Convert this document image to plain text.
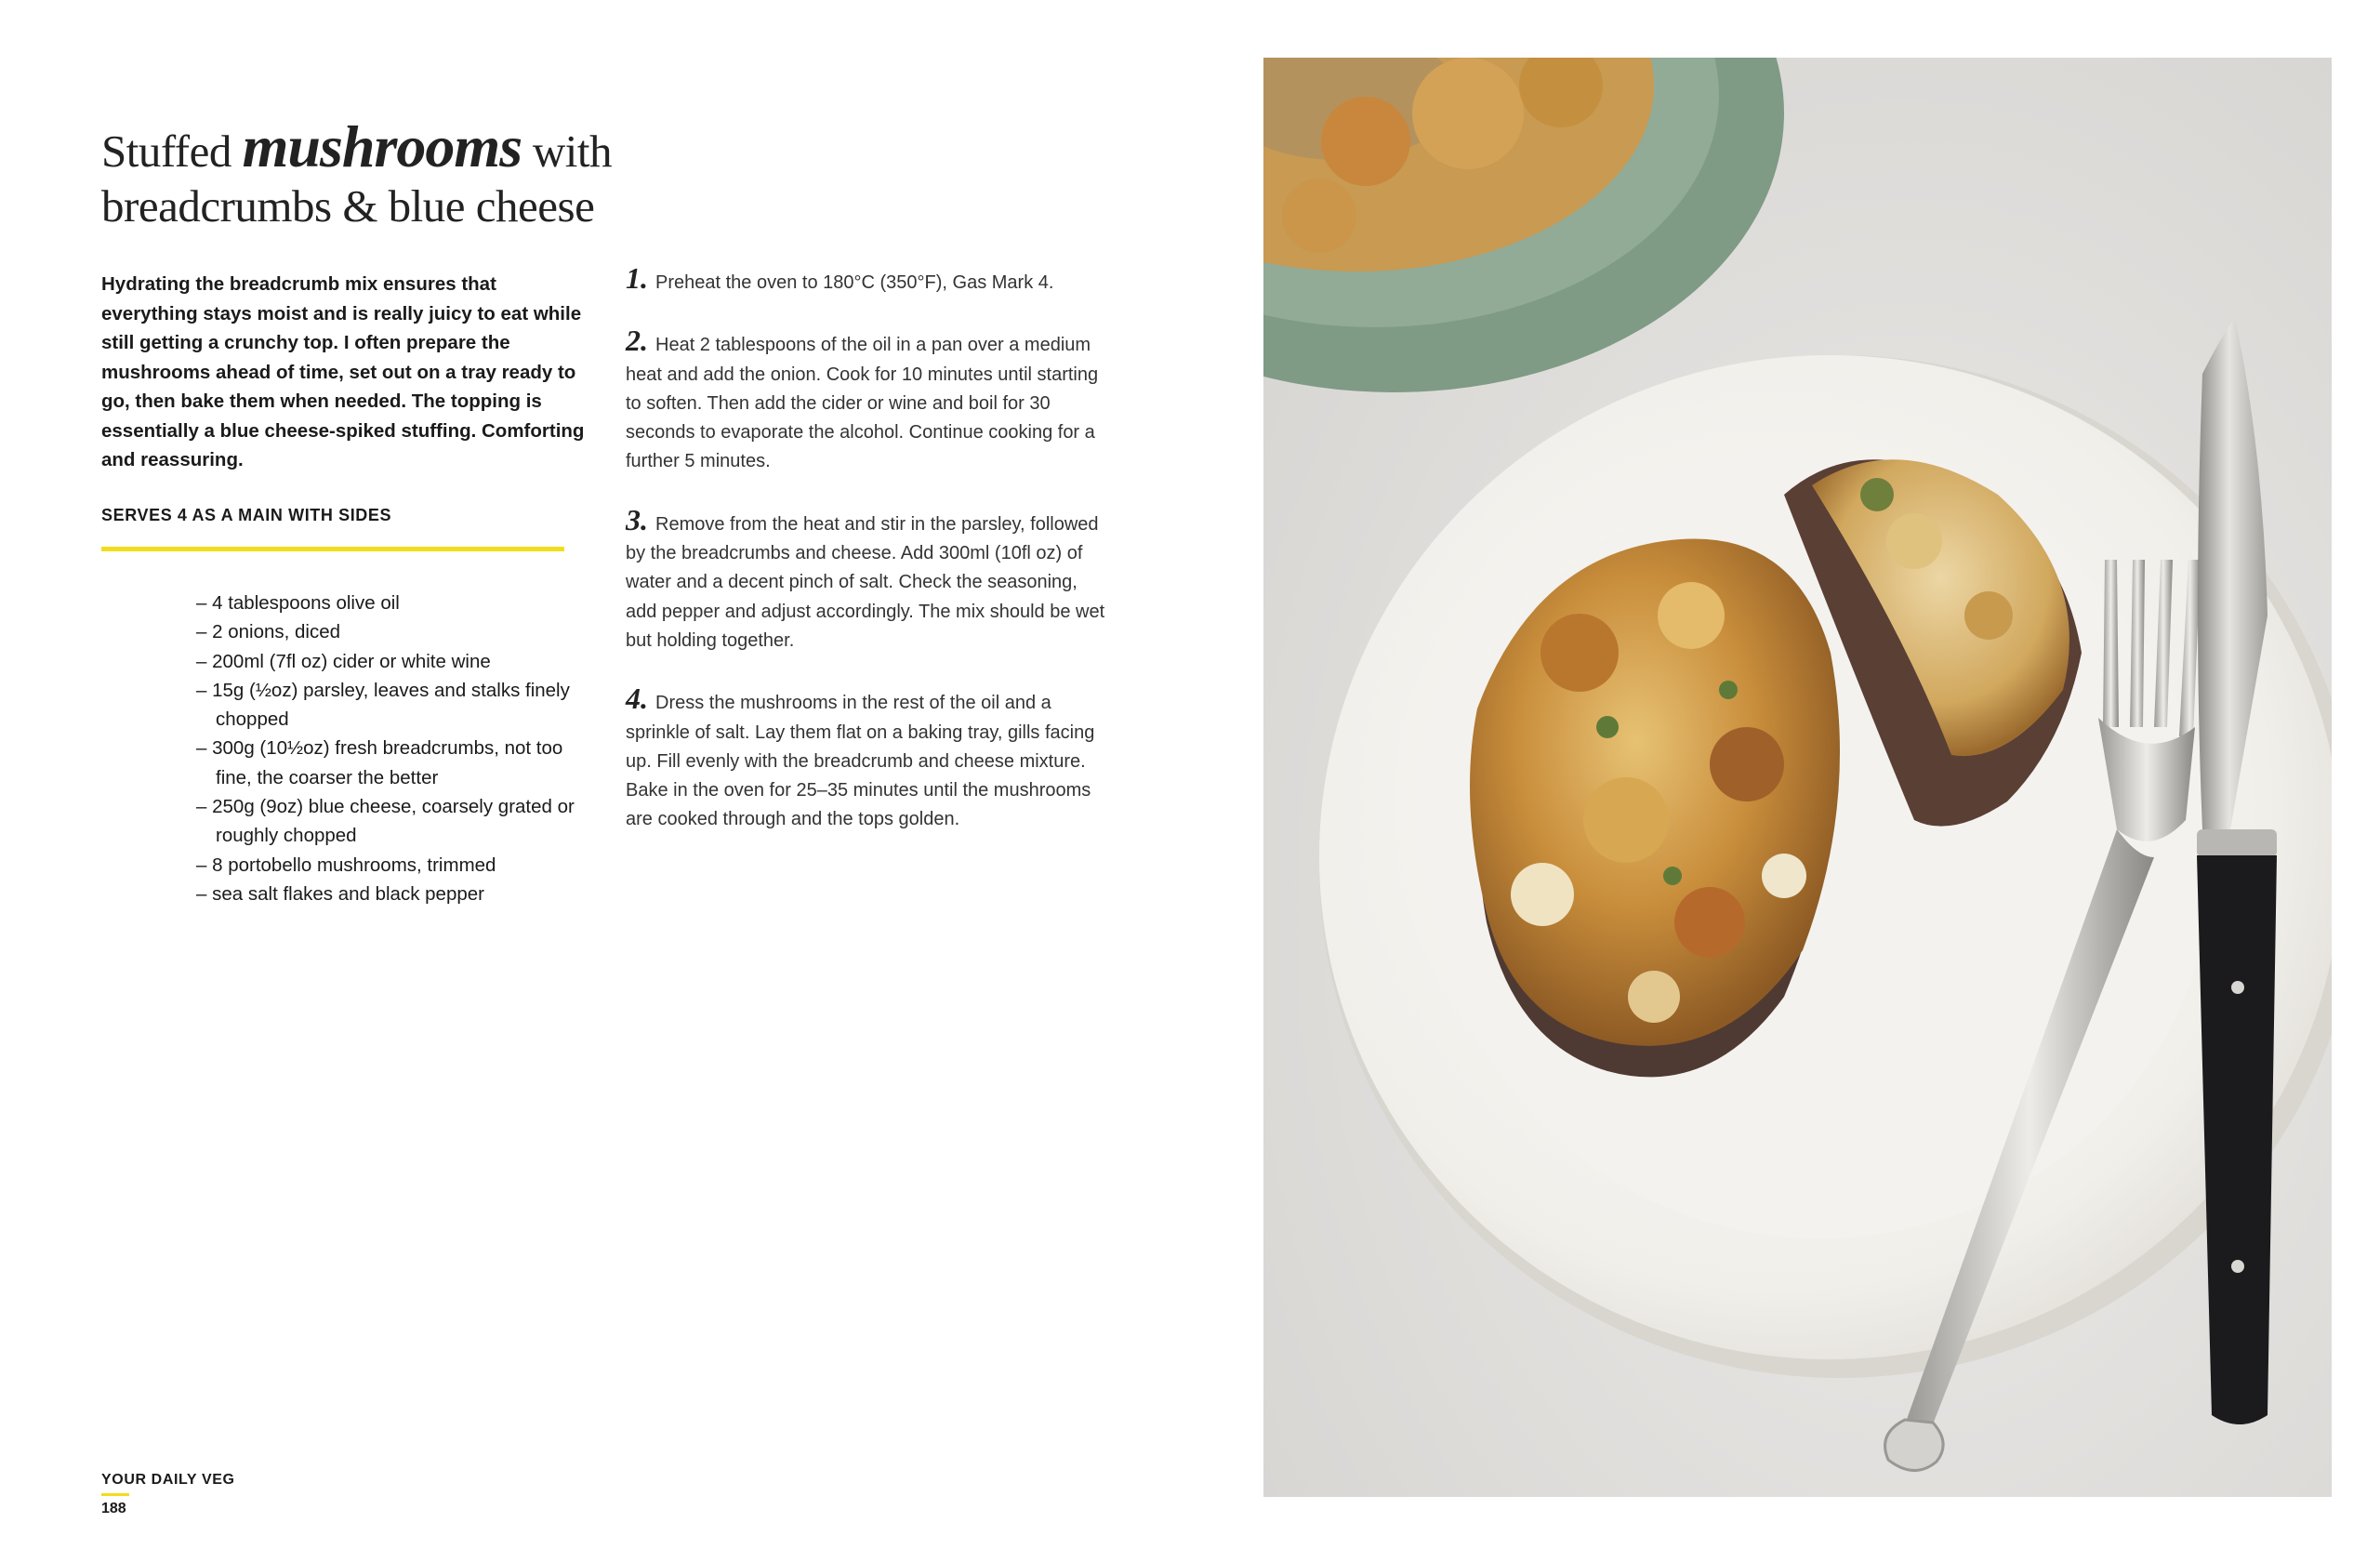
Stuffed mushrooms with breadcrumbs & blue cheese

Hydrating the breadcrumb mix ensures that everything stays moist and is really juicy to eat while still getting a crunchy top. I often prepare the mushrooms ahead of time, set out on a tray ready to go, then bake them when needed. The topping is essentially a blue cheese-spiked stuffing. Comforting and reassuring.

SERVES 4 AS A MAIN WITH SIDES
– 4 tablespoons olive oil
– 2 onions, diced
– 200ml (7fl oz) cider or white wine
– 15g (½oz) parsley, leaves and stalks finely chopped
– 300g (10½oz) fresh breadcrumbs, not too fine, the coarser the better
– 250g (9oz) blue cheese, coarsely grated or roughly chopped
– 8 portobello mushrooms, trimmed
– sea salt flakes and black pepper
1. Preheat the oven to 180°C (350°F), Gas Mark 4.
2. Heat 2 tablespoons of the oil in a pan over a medium heat and add the onion. Cook for 10 minutes until starting to soften. Then add the cider or wine and boil for 30 seconds to evaporate the alcohol. Continue cooking for a further 5 minutes.
3. Remove from the heat and stir in the parsley, followed by the breadcrumbs and cheese. Add 300ml (10fl oz) of water and a decent pinch of salt. Check the seasoning, add pepper and adjust accordingly. The mix should be wet but holding together.
4. Dress the mushrooms in the rest of the oil and a sprinkle of salt. Lay them flat on a baking tray, gills facing up. Fill evenly with the breadcrumb and cheese mixture. Bake in the oven for 25–35 minutes until the mushrooms are cooked through and the tops golden.
YOUR DAILY VEG
188
